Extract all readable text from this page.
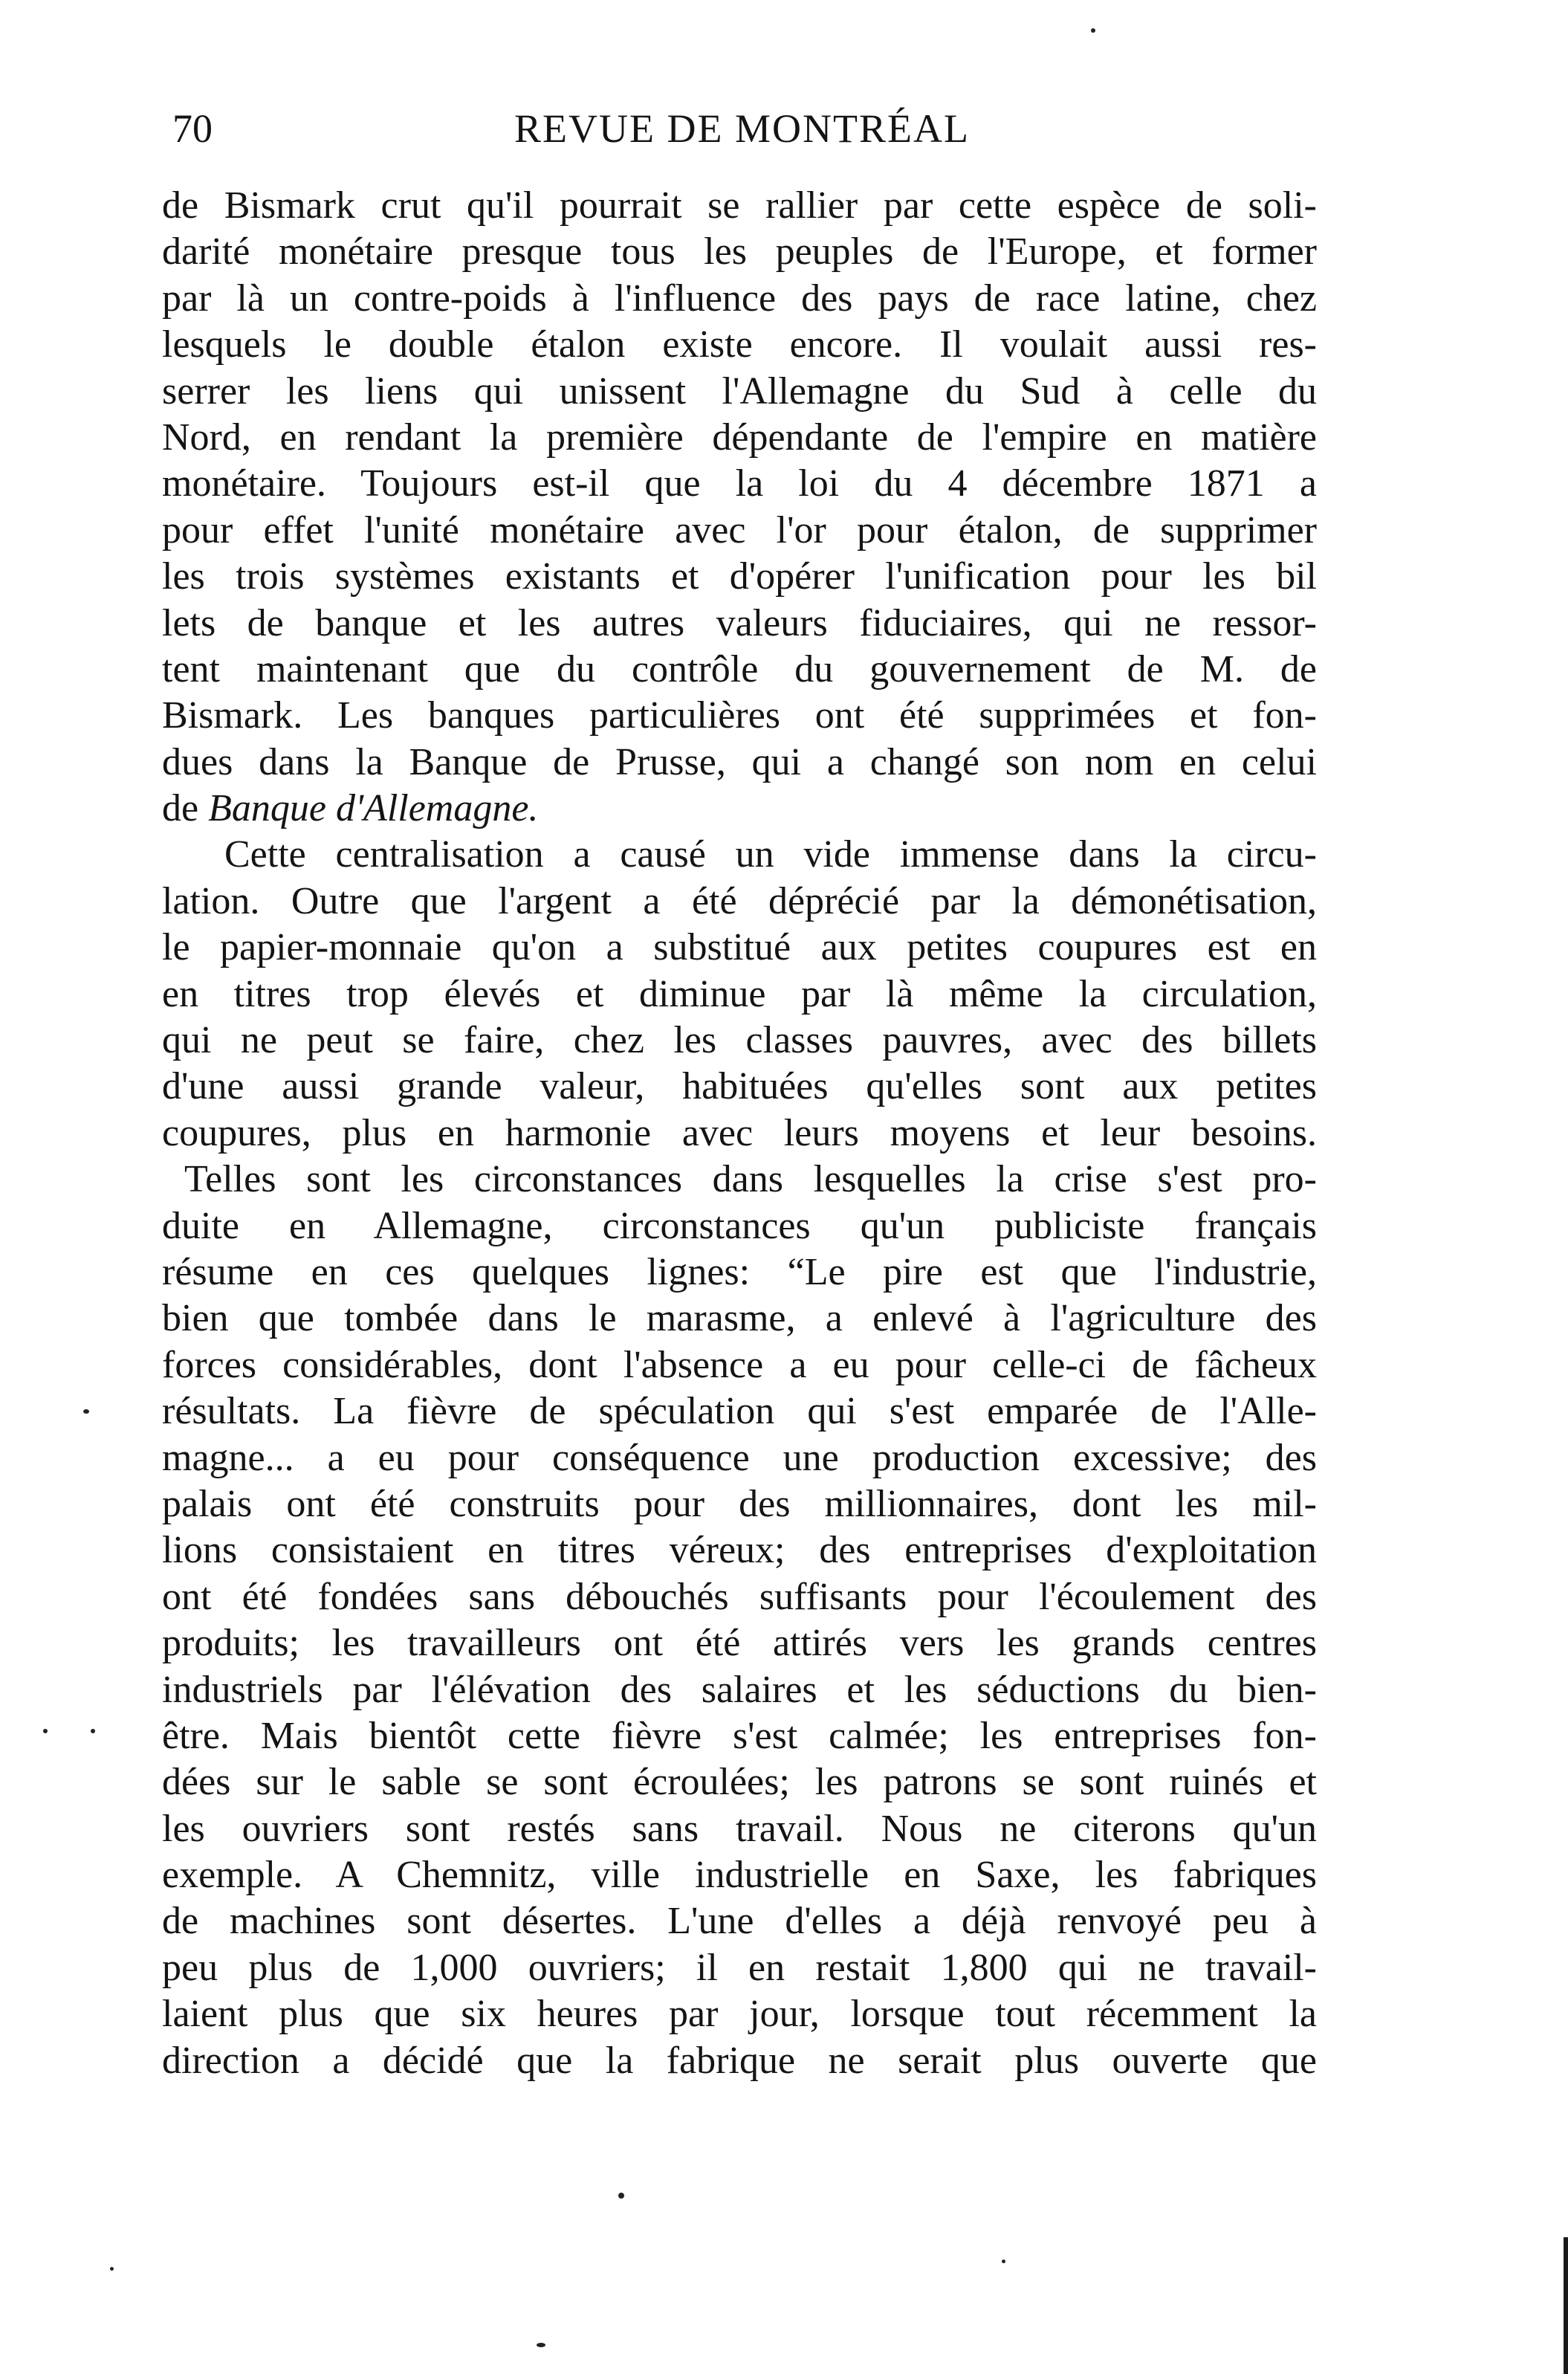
70	REVUE DE MONTRÉAL
de Bismark crut qu'il pourrait se rallier par cette espèce de soli-
darité monétaire presque tous les peuples de l'Europe, et former
par là un contre-poids à l'influence des pays de race latine, chez
lesquels le double étalon existe encore. Il voulait aussi res-
serrer les liens qui unissent l'Allemagne du Sud à celle du
Nord, en rendant la première dépendante de l'empire en matière
monétaire. Toujours est-il que la loi du 4 décembre 1871 a
pour effet l'unité monétaire avec l'or pour étalon, de supprimer
les trois systèmes existants et d'opérer l'unification pour les bil
lets de banque et les autres valeurs fiduciaires, qui ne ressor-
tent maintenant que du contrôle du gouvernement de M. de
Bismark. Les banques particulières ont été supprimées et fon-
dues dans la Banque de Prusse, qui a changé son nom en celui
de Banque d'Allemagne.
Cette centralisation a causé un vide immense dans la circu-
lation. Outre que l'argent a été déprécié par la démonétisation,
le papier-monnaie qu'on a substitué aux petites coupures est en
en titres trop élevés et diminue par là même la circulation,
qui ne peut se faire, chez les classes pauvres, avec des billets
d'une aussi grande valeur, habituées qu'elles sont aux petites
coupures, plus en harmonie avec leurs moyens et leur besoins.
Telles sont les circonstances dans lesquelles la crise s'est pro-
duite en Allemagne, circonstances qu'un publiciste français
résume en ces quelques lignes: “Le pire est que l'industrie,
bien que tombée dans le marasme, a enlevé à l'agriculture des
forces considérables, dont l'absence a eu pour celle-ci de fâcheux
résultats. La fièvre de spéculation qui s'est emparée de l'Alle-
magne... a eu pour conséquence une production excessive; des
palais ont été construits pour des millionnaires, dont les mil-
lions consistaient en titres véreux; des entreprises d'exploitation
ont été fondées sans débouchés suffisants pour l'écoulement des
produits; les travailleurs ont été attirés vers les grands centres
industriels par l'élévation des salaires et les séductions du bien-
être. Mais bientôt cette fièvre s'est calmée; les entreprises fon-
dées sur le sable se sont écroulées; les patrons se sont ruinés et
les ouvriers sont restés sans travail. Nous ne citerons qu'un
exemple. A Chemnitz, ville industrielle en Saxe, les fabriques
de machines sont désertes. L'une d'elles a déjà renvoyé peu à
peu plus de 1,000 ouvriers; il en restait 1,800 qui ne travail-
laient plus que six heures par jour, lorsque tout récemment la
direction a décidé que la fabrique ne serait plus ouverte que
